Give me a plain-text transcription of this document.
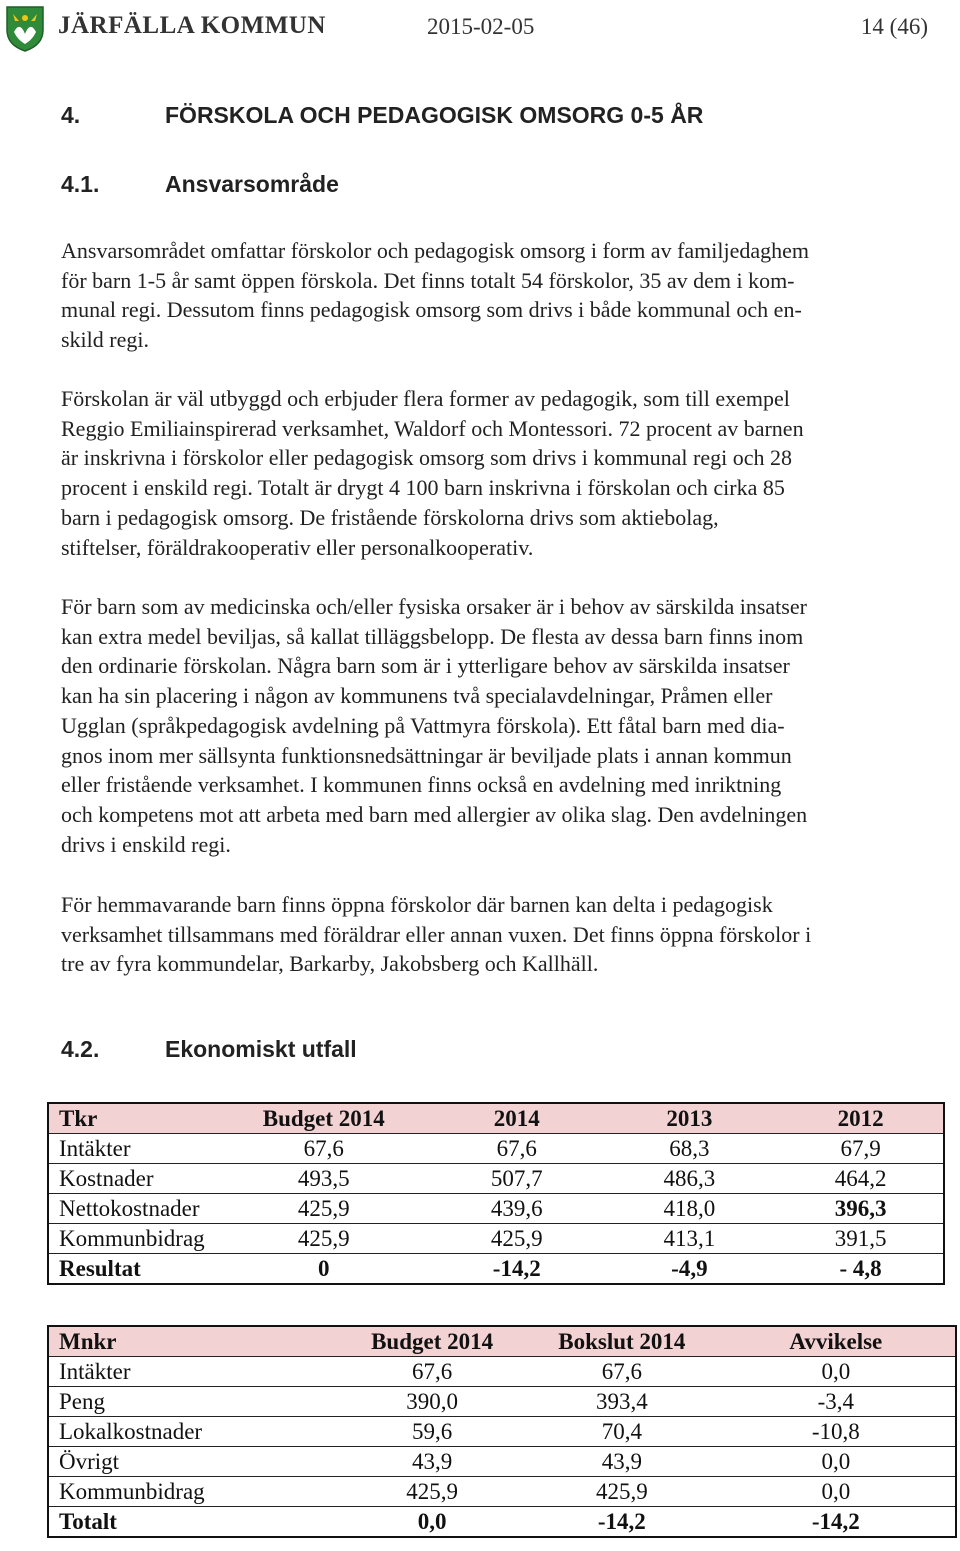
JÄRFÄLLA KOMMUN	2015-02-05	14 (46)
4.	FÖRSKOLA OCH PEDAGOGISK OMSORG 0-5 ÅR
4.1.	Ansvarsområde

Ansvarsområdet omfattar förskolor och pedagogisk omsorg i form av familjedaghem
för barn 1-5 år samt öppen förskola. Det finns totalt 54 förskolor, 35 av dem i kom-
munal regi. Dessutom finns pedagogisk omsorg som drivs i både kommunal och en-
skild regi.

Förskolan är väl utbyggd och erbjuder flera former av pedagogik, som till exempel
Reggio Emiliainspirerad verksamhet, Waldorf och Montessori. 72 procent av barnen
är inskrivna i förskolor eller pedagogisk omsorg som drivs i kommunal regi och 28
procent i enskild regi. Totalt är drygt 4 100 barn inskrivna i förskolan och cirka 85
barn i pedagogisk omsorg. De fristående förskolorna drivs som aktiebolag,
stiftelser, föräldrakooperativ eller personalkooperativ.

För barn som av medicinska och/eller fysiska orsaker är i behov av särskilda insatser
kan extra medel beviljas, så kallat tilläggsbelopp. De flesta av dessa barn finns inom
den ordinarie förskolan. Några barn som är i ytterligare behov av särskilda insatser
kan ha sin placering i någon av kommunens två specialavdelningar, Pråmen eller
Ugglan (språkpedagogisk avdelning på Vattmyra förskola). Ett fåtal barn med dia-
gnos inom mer sällsynta funktionsnedsättningar är beviljade plats i annan kommun
eller fristående verksamhet. I kommunen finns också en avdelning med inriktning
och kompetens mot att arbeta med barn med allergier av olika slag. Den avdelningen
drivs i enskild regi.

För hemmavarande barn finns öppna förskolor där barnen kan delta i pedagogisk
verksamhet tillsammans med föräldrar eller annan vuxen. Det finns öppna förskolor i
tre av fyra kommundelar, Barkarby, Jakobsberg och Kallhäll.

4.2.	Ekonomiskt utfall
Tkr	Budget 2014	2014	2013	2012
Intäkter	67,6	67,6	68,3	67,9
Kostnader	493,5	507,7	486,3	464,2
Nettokostnader	425,9	439,6	418,0	396,3
Kommunbidrag	425,9	425,9	413,1	391,5
Resultat	0	-14,2	-4,9	- 4,8
Mnkr	Budget 2014	Bokslut 2014	Avvikelse
Intäkter	67,6	67,6	0,0
Peng	390,0	393,4	-3,4
Lokalkostnader	59,6	70,4	-10,8
Övrigt	43,9	43,9	0,0
Kommunbidrag	425,9	425,9	0,0
Totalt	0,0	-14,2	-14,2
